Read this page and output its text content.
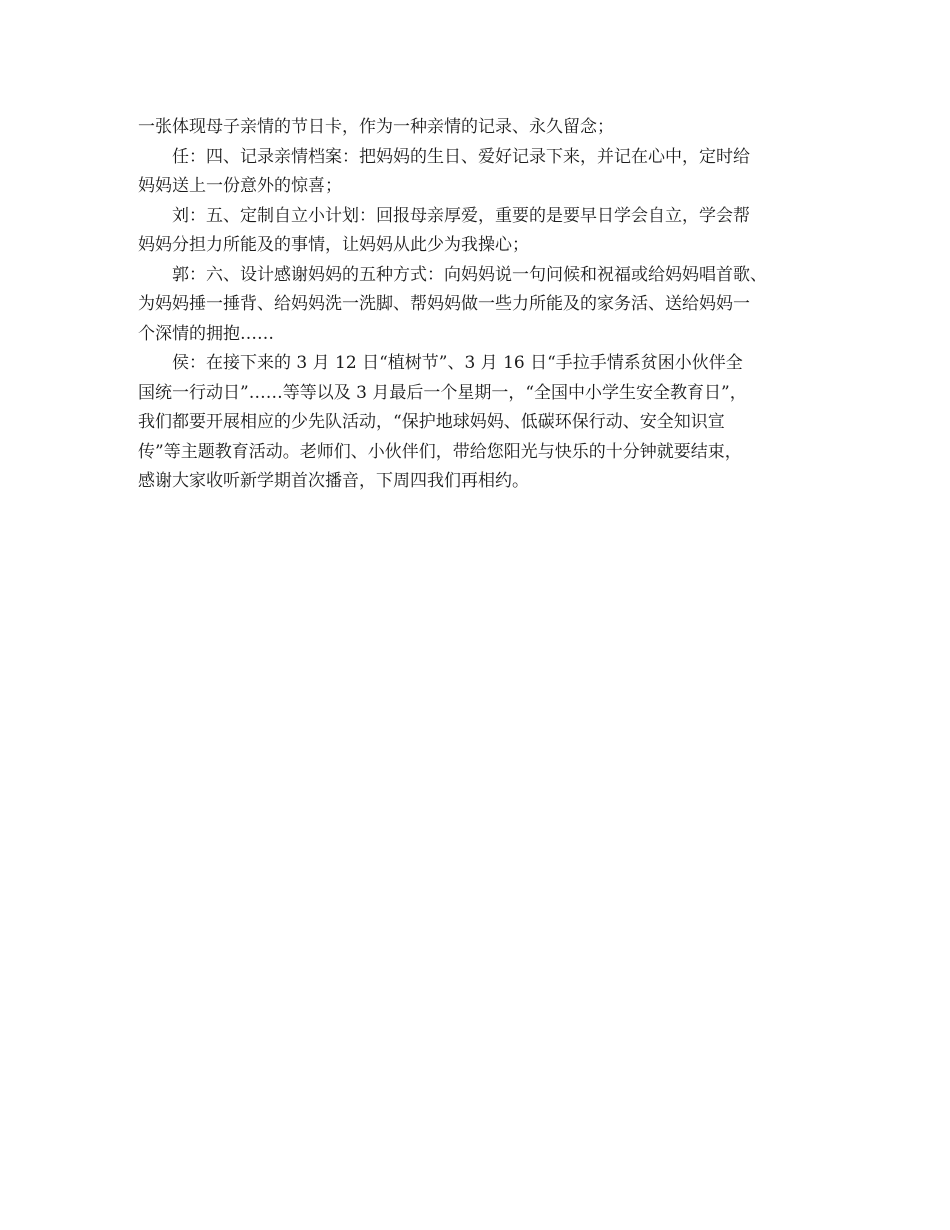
一张体现母子亲情的节日卡，作为一种亲情的记录、永久留念；
任：四、记录亲情档案：把妈妈的生日、爱好记录下来，并记在心中，定时给
妈妈送上一份意外的惊喜；
刘：五、定制自立小计划：回报母亲厚爱，重要的是要早日学会自立，学会帮
妈妈分担力所能及的事情，让妈妈从此少为我操心；
郭：六、设计感谢妈妈的五种方式：向妈妈说一句问候和祝福或给妈妈唱首歌、
为妈妈捶一捶背、给妈妈洗一洗脚、帮妈妈做一些力所能及的家务活、送给妈妈一
个深情的拥抱……
侯：在接下来的 3 月 12 日“植树节”、3 月 16 日“手拉手情系贫困小伙伴全
国统一行动日”……等等以及 3 月最后一个星期一，“全国中小学生安全教育日”，
我们都要开展相应的少先队活动，“保护地球妈妈、低碳环保行动、安全知识宣
传”等主题教育活动。老师们、小伙伴们，带给您阳光与快乐的十分钟就要结束，
感谢大家收听新学期首次播音，下周四我们再相约。
